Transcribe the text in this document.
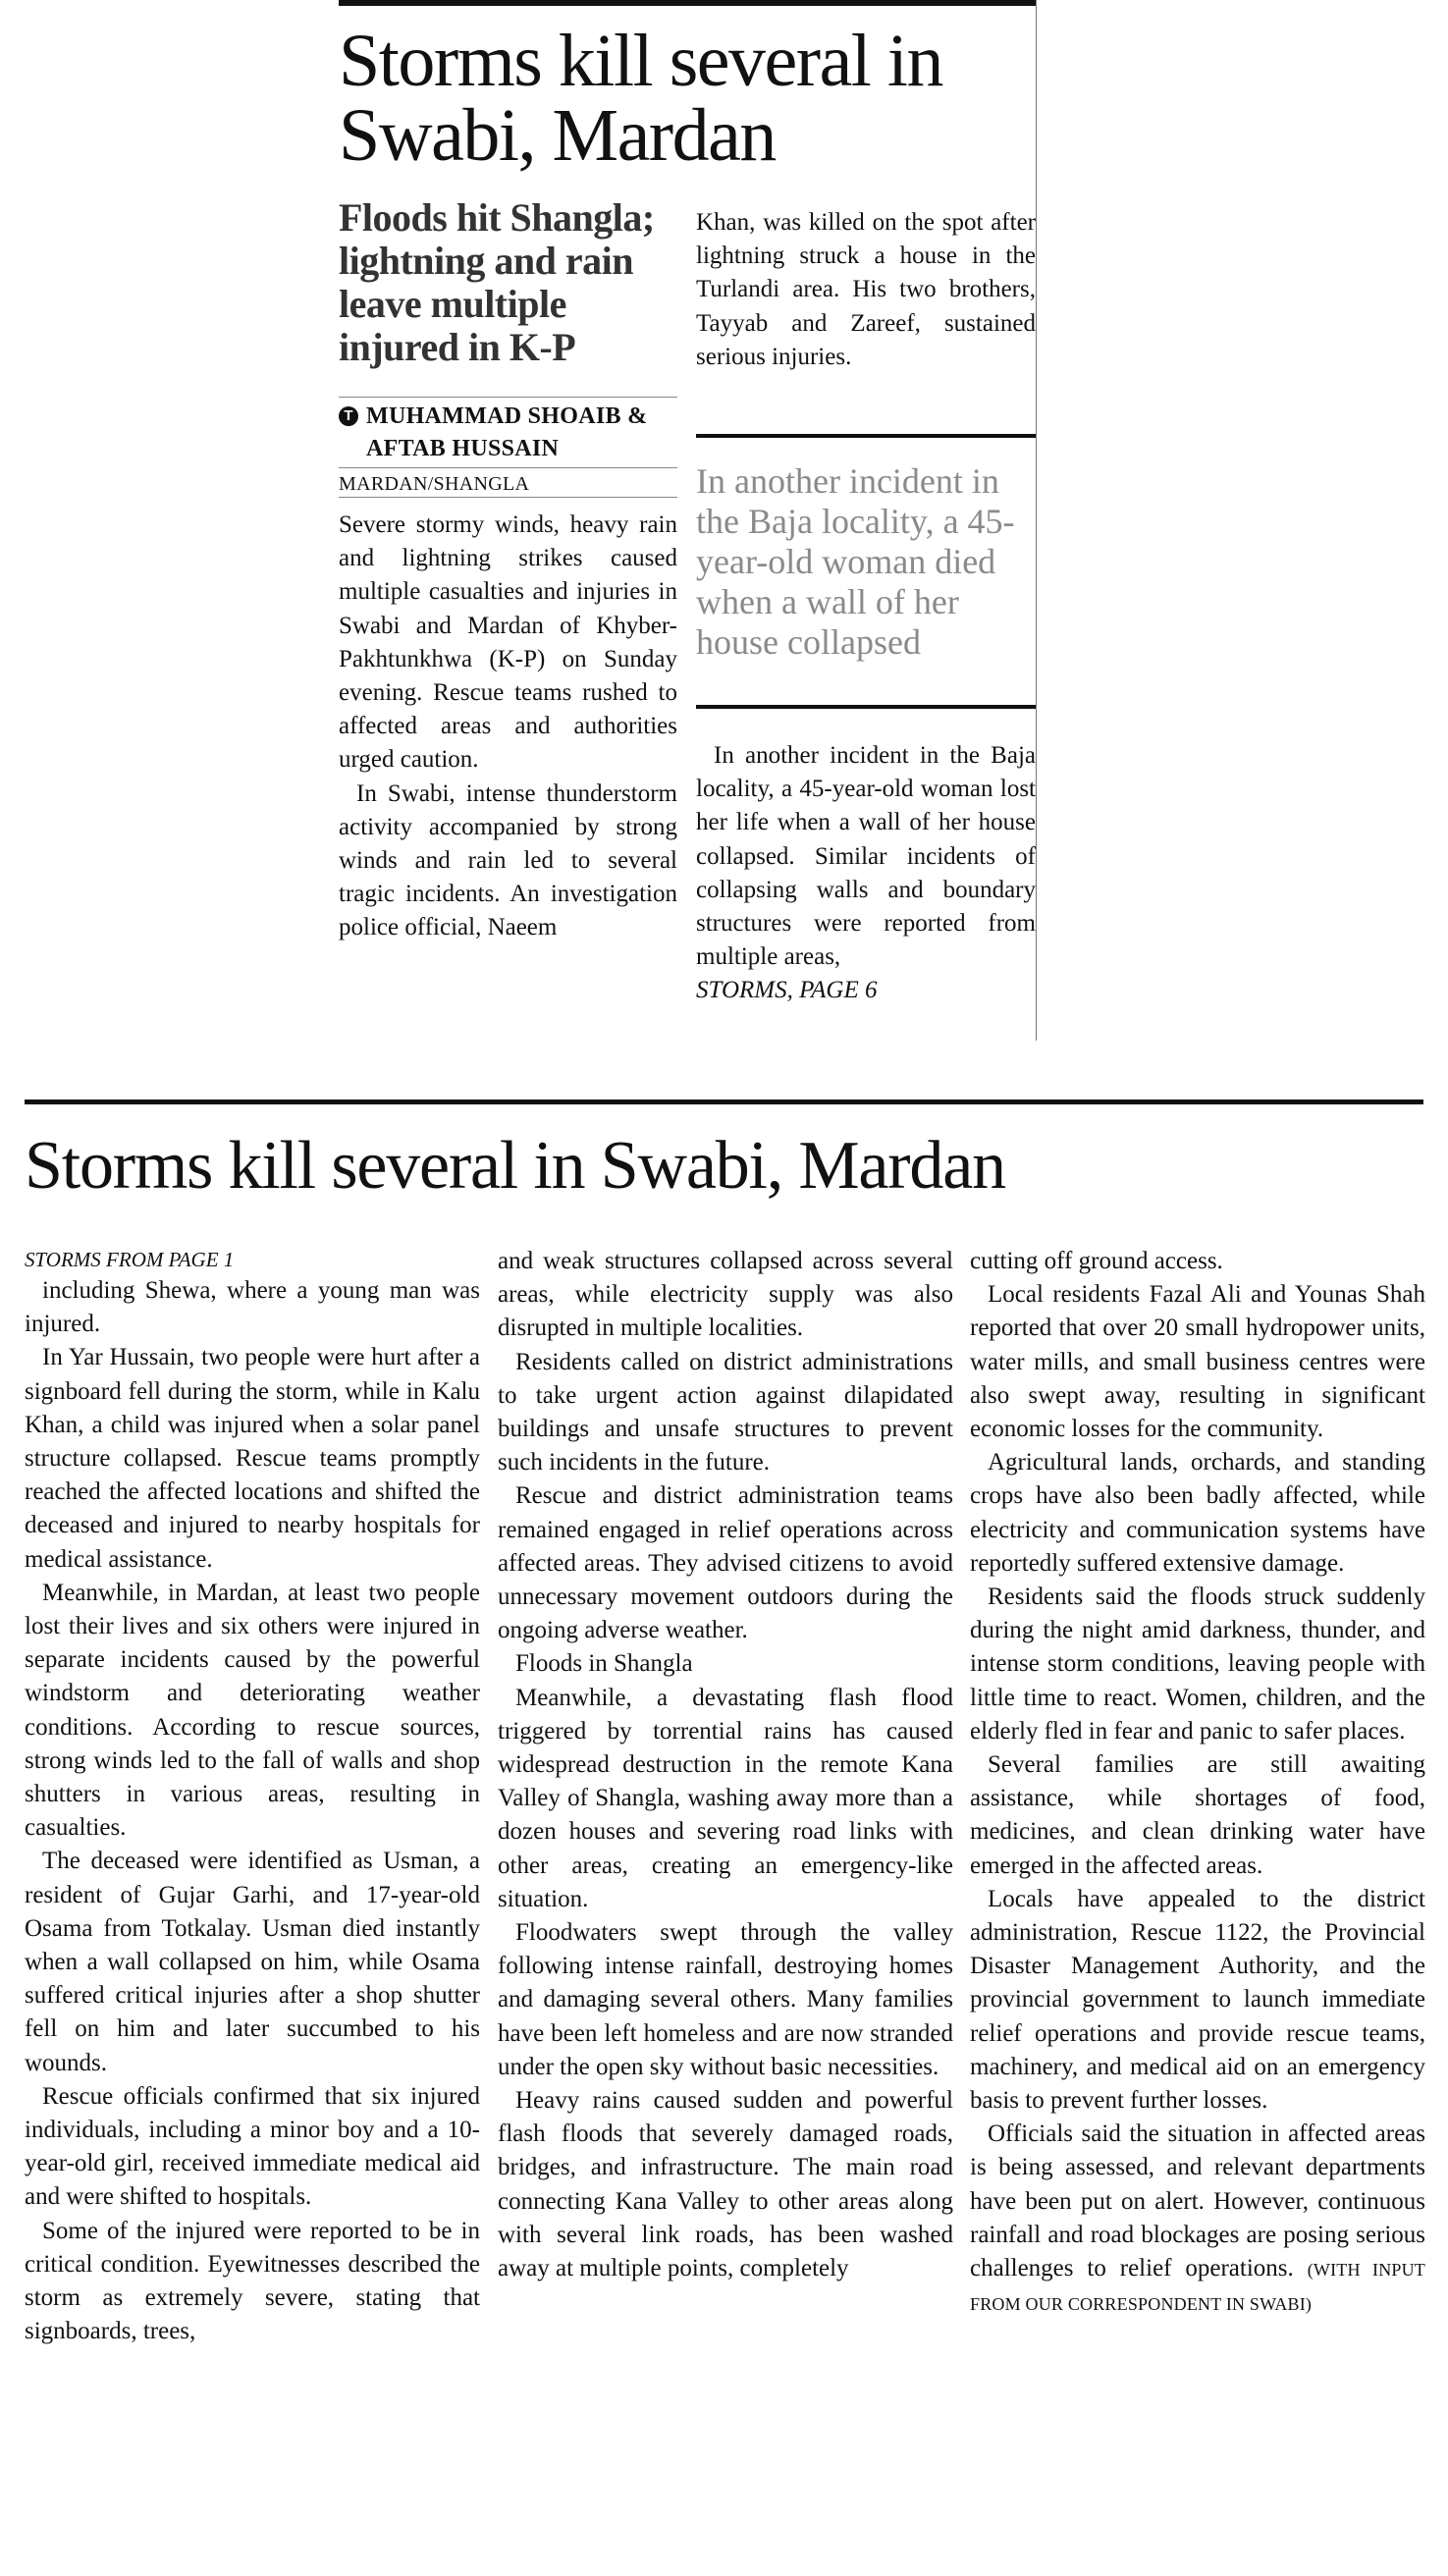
Storms kill several in Swabi, Mardan
Floods hit Shangla; lightning and rain leave multiple injured in K-P
T MUHAMMAD SHOAIB & AFTAB HUSSAIN

MARDAN/SHANGLA

Severe stormy winds, heavy rain and lightning strikes caused multiple casualties and injuries in Swabi and Mardan of Khyber-Pakhtunkhwa (K-P) on Sunday evening. Rescue teams rushed to affected areas and authorities urged caution.

In Swabi, intense thunderstorm activity accompanied by strong winds and rain led to several tragic incidents. An investigation police official, Naeem

Khan, was killed on the spot after lightning struck a house in the Turlandi area. His two brothers, Tayyab and Zareef, sustained serious injuries.

In another incident in the Baja locality, a 45-year-old woman died when a wall of her house collapsed

In another incident in the Baja locality, a 45-year-old woman lost her life when a wall of her house collapsed. Similar incidents of collapsing walls and boundary structures were reported from multiple areas,

STORMS, PAGE 6

Storms kill several in Swabi, Mardan

STORMS FROM PAGE 1

including Shewa, where a young man was injured.

In Yar Hussain, two people were hurt after a signboard fell during the storm, while in Kalu Khan, a child was injured when a solar panel structure collapsed. Rescue teams promptly reached the affected locations and shifted the deceased and injured to nearby hospitals for medical assistance.

Meanwhile, in Mardan, at least two people lost their lives and six others were injured in separate incidents caused by the powerful windstorm and deteriorating weather conditions. According to rescue sources, strong winds led to the fall of walls and shop shutters in various areas, resulting in casualties.

The deceased were identified as Usman, a resident of Gujar Garhi, and 17-year-old Osama from Totkalay. Usman died instantly when a wall collapsed on him, while Osama suffered critical injuries after a shop shutter fell on him and later succumbed to his wounds.

Rescue officials confirmed that six injured individuals, including a minor boy and a 10-year-old girl, received immediate medical aid and were shifted to hospitals.

Some of the injured were reported to be in critical condition. Eyewitnesses described the storm as extremely severe, stating that signboards, trees,

and weak structures collapsed across several areas, while electricity supply was also disrupted in multiple localities.

Residents called on district administrations to take urgent action against dilapidated buildings and unsafe structures to prevent such incidents in the future.

Rescue and district administration teams remained engaged in relief operations across affected areas. They advised citizens to avoid unnecessary movement outdoors during the ongoing adverse weather.

Floods in Shangla

Meanwhile, a devastating flash flood triggered by torrential rains has caused widespread destruction in the remote Kana Valley of Shangla, washing away more than a dozen houses and severing road links with other areas, creating an emergency-like situation.

Floodwaters swept through the valley following intense rainfall, destroying homes and damaging several others. Many families have been left homeless and are now stranded under the open sky without basic necessities.

Heavy rains caused sudden and powerful flash floods that severely damaged roads, bridges, and infrastructure. The main road connecting Kana Valley to other areas along with several link roads, has been washed away at multiple points, completely

cutting off ground access.

Local residents Fazal Ali and Younas Shah reported that over 20 small hydropower units, water mills, and small business centres were also swept away, resulting in significant economic losses for the community.

Agricultural lands, orchards, and standing crops have also been badly affected, while electricity and communication systems have reportedly suffered extensive damage.

Residents said the floods struck suddenly during the night amid darkness, thunder, and intense storm conditions, leaving people with little time to react. Women, children, and the elderly fled in fear and panic to safer places.

Several families are still awaiting assistance, while shortages of food, medicines, and clean drinking water have emerged in the affected areas.

Locals have appealed to the district administration, Rescue 1122, the Provincial Disaster Management Authority, and the provincial government to launch immediate relief operations and provide rescue teams, machinery, and medical aid on an emergency basis to prevent further losses.

Officials said the situation in affected areas is being assessed, and relevant departments have been put on alert. However, continuous rainfall and road blockages are posing serious challenges to relief operations. (WITH INPUT FROM OUR CORRESPONDENT IN SWABI)
